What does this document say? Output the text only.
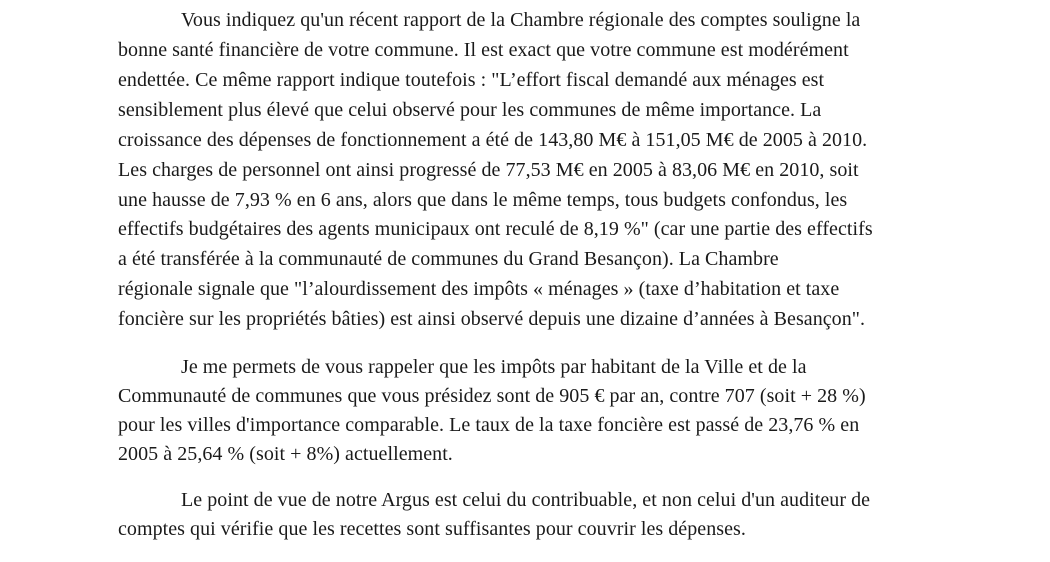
Vous indiquez qu'un récent rapport de la Chambre régionale des comptes souligne la
bonne santé financière de votre commune. Il est exact que votre commune est modérément
endettée. Ce même rapport indique toutefois : "L’effort fiscal demandé aux ménages est
sensiblement plus élevé que celui observé pour les communes de même importance. La
croissance des dépenses de fonctionnement a été de 143,80 M€ à 151,05 M€ de 2005 à 2010.
Les charges de personnel ont ainsi progressé de 77,53 M€ en 2005 à 83,06 M€ en 2010, soit
une hausse de 7,93 % en 6 ans, alors que dans le même temps, tous budgets confondus, les
effectifs budgétaires des agents municipaux ont reculé de 8,19 %" (car une partie des effectifs
a été transférée à la communauté de communes du Grand Besançon). La Chambre
régionale signale que "l’alourdissement des impôts « ménages » (taxe d’habitation et taxe
foncière sur les propriétés bâties) est ainsi observé depuis une dizaine d’années à Besançon".
Je me permets de vous rappeler que les impôts par habitant de la Ville et de la
Communauté de communes que vous présidez sont de 905 € par an, contre 707 (soit + 28 %)
pour les villes d'importance comparable. Le taux de la taxe foncière est passé de 23,76 % en
2005 à 25,64 % (soit + 8%) actuellement.
Le point de vue de notre Argus est celui du contribuable, et non celui d'un auditeur de
comptes qui vérifie que les recettes sont suffisantes pour couvrir les dépenses.
